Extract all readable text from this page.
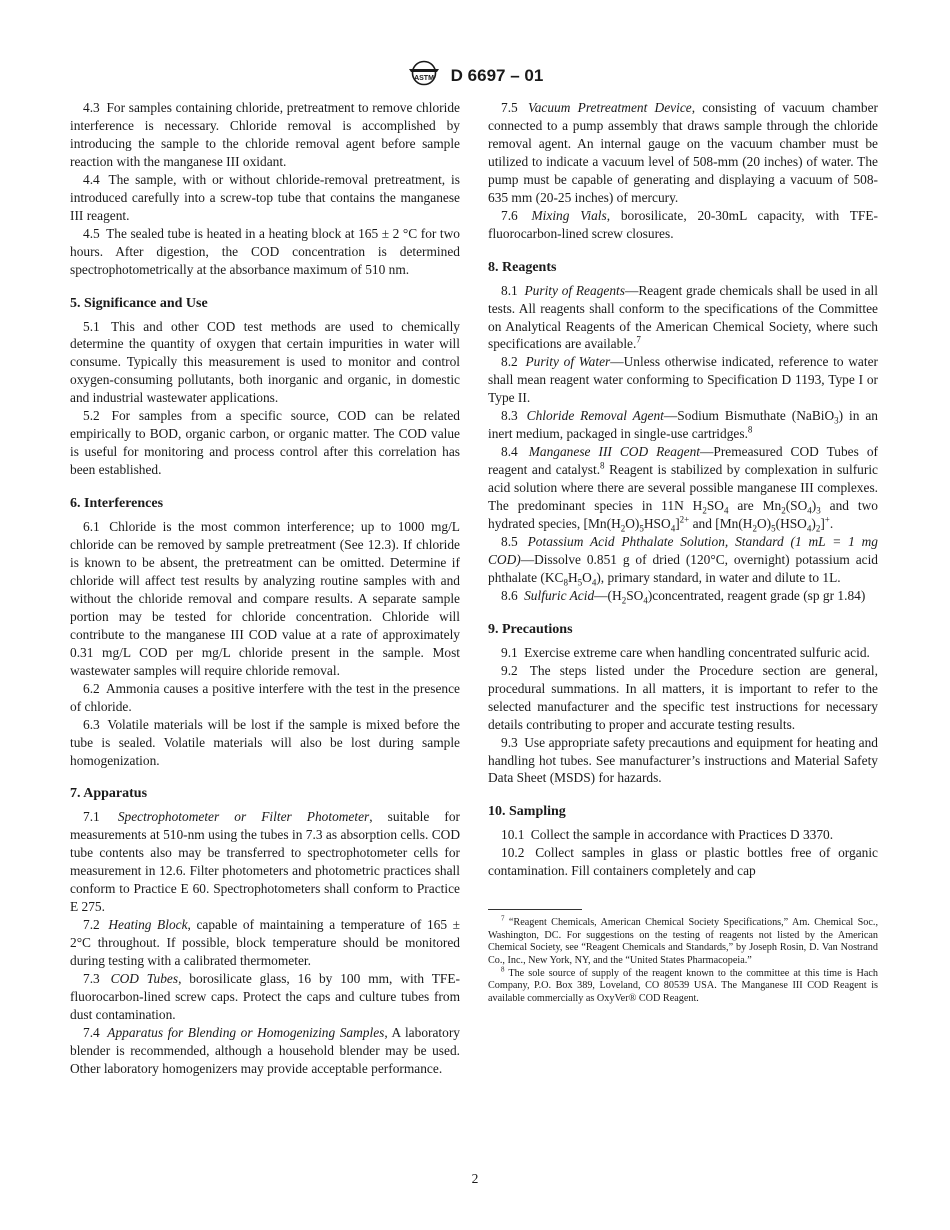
ASTM D 6697 – 01

4.3 For samples containing chloride, pretreatment to remove chloride interference is necessary. Chloride removal is accomplished by introducing the sample to the chloride removal agent before sample reaction with the manganese III oxidant.

4.4 The sample, with or without chloride-removal pretreatment, is introduced carefully into a screw-top tube that contains the manganese III reagent.

4.5 The sealed tube is heated in a heating block at 165 ± 2 °C for two hours. After digestion, the COD concentration is determined spectrophotometrically at the absorbance maximum of 510 nm.

5. Significance and Use

5.1 This and other COD test methods are used to chemically determine the quantity of oxygen that certain impurities in water will consume. Typically this measurement is used to monitor and control oxygen-consuming pollutants, both inorganic and organic, in domestic and industrial wastewater applications.

5.2 For samples from a specific source, COD can be related empirically to BOD, organic carbon, or organic matter. The COD value is useful for monitoring and process control after this correlation has been established.

6. Interferences

6.1 Chloride is the most common interference; up to 1000 mg/L chloride can be removed by sample pretreatment (See 12.3). If chloride is known to be absent, the pretreatment can be omitted. Determine if chloride will affect test results by analyzing routine samples with and without the chloride removal and compare results. A separate sample portion may be tested for chloride concentration. Chloride will contribute to the manganese III COD value at a rate of approximately 0.31 mg/L COD per mg/L chloride present in the sample. Most wastewater samples will require chloride removal.

6.2 Ammonia causes a positive interfere with the test in the presence of chloride.

6.3 Volatile materials will be lost if the sample is mixed before the tube is sealed. Volatile materials will also be lost during sample homogenization.

7. Apparatus

7.1 Spectrophotometer or Filter Photometer, suitable for measurements at 510-nm using the tubes in 7.3 as absorption cells. COD tube contents also may be transferred to spectrophotometer cells for measurement in 12.6. Filter photometers and photometric practices shall conform to Practice E 60. Spectrophotometers shall conform to Practice E 275.

7.2 Heating Block, capable of maintaining a temperature of 165 ± 2°C throughout. If possible, block temperature should be monitored during testing with a calibrated thermometer.

7.3 COD Tubes, borosilicate glass, 16 by 100 mm, with TFE-fluorocarbon-lined screw caps. Protect the caps and culture tubes from dust contamination.

7.4 Apparatus for Blending or Homogenizing Samples, A laboratory blender is recommended, although a household blender may be used. Other laboratory homogenizers may provide acceptable performance.

7.5 Vacuum Pretreatment Device, consisting of vacuum chamber connected to a pump assembly that draws sample through the chloride removal agent. An internal gauge on the vacuum chamber must be utilized to indicate a vacuum level of 508-mm (20 inches) of water. The pump must be capable of generating and displaying a vacuum of 508-635 mm (20-25 inches) of mercury.

7.6 Mixing Vials, borosilicate, 20-30mL capacity, with TFE-fluorocarbon-lined screw closures.

8. Reagents

8.1 Purity of Reagents—Reagent grade chemicals shall be used in all tests. All reagents shall conform to the specifications of the Committee on Analytical Reagents of the American Chemical Society, where such specifications are available.$^7$

8.2 Purity of Water—Unless otherwise indicated, reference to water shall mean reagent water conforming to Specification D 1193, Type I or Type II.

8.3 Chloride Removal Agent—Sodium Bismuthate (NaBiO$_3$) in an inert medium, packaged in single-use cartridges.$^8$

8.4 Manganese III COD Reagent—Premeasured COD Tubes of reagent and catalyst.$^8$ Reagent is stabilized by complexation in sulfuric acid solution where there are several possible manganese III complexes. The predominant species in 11N $H_2SO_4$ are $Mn_2(SO_4)_3$ and two hydrated species, $[Mn(H_2O)_5HSO_4]^{2+}$ and $[Mn(H_2O)_5(HSO_4)_2]^+$.

8.5 Potassium Acid Phthalate Solution, Standard (1 mL = 1 mg COD)—Dissolve 0.851 g of dried (120°C, overnight) potassium acid phthalate $(KC_8H_5O_4)$, primary standard, in water and dilute to 1L.

8.6 Sulfuric $Acid—(H_2SO_4)concentrated$, reagent grade (sp gr 1.84)

9. Precautions

9.1 Exercise extreme care when handling concentrated sulfuric acid.

9.2 The steps listed under the Procedure section are general, procedural summations. In all matters, it is important to refer to the selected manufacturer and the specific test instructions for necessary details contributing to proper and accurate testing results.

9.3 Use appropriate safety precautions and equipment for heating and handling hot tubes. See manufacturer’s instructions and Material Safety Data Sheet (MSDS) for hazards.

10. Sampling

10.1 Collect the sample in accordance with Practices D 3370.

10.2 Collect samples in glass or plastic bottles free of organic contamination. Fill containers completely and cap

$^7$ “Reagent Chemicals, American Chemical Society Specifications,” Am. Chemical Soc., Washington, DC. For suggestions on the testing of reagents not listed by the American Chemical Society, see “Reagent Chemicals and Standards,” by Joseph Rosin, D. Van Nostrand Co., Inc., New York, NY, and the “United States Pharmacopeia.”

$^8$ The sole source of supply of the reagent known to the committee at this time is Hach Company, P.O. Box 389, Loveland, CO 80539 USA. The Manganese III COD Reagent is available commercially as OxyVer® COD Reagent.

2
